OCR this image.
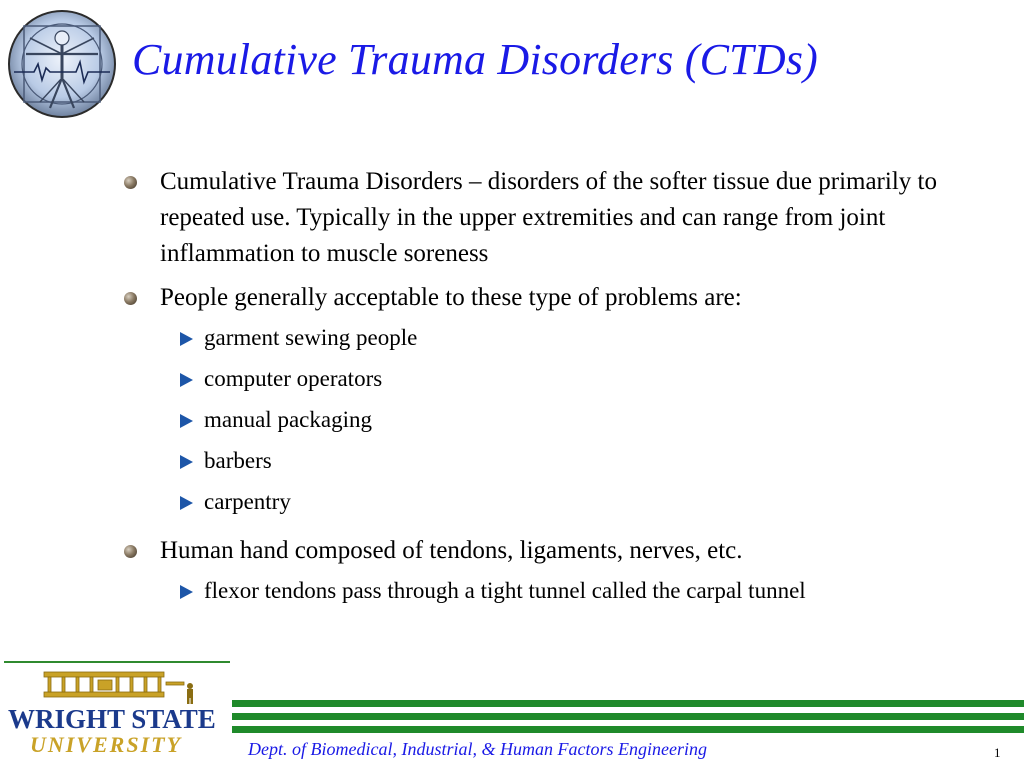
Cumulative Trauma Disorders (CTDs)
Cumulative Trauma Disorders – disorders of the softer tissue due primarily to repeated use. Typically in the upper extremities and can range from joint inflammation to muscle soreness
People generally acceptable to these type of problems are:
garment sewing people
computer operators
manual packaging
barbers
carpentry
Human hand composed of tendons, ligaments, nerves, etc.
flexor tendons pass through a tight tunnel called the carpal tunnel
WRIGHT STATE
UNIVERSITY	Dept. of Biomedical, Industrial, & Human Factors Engineering	1
